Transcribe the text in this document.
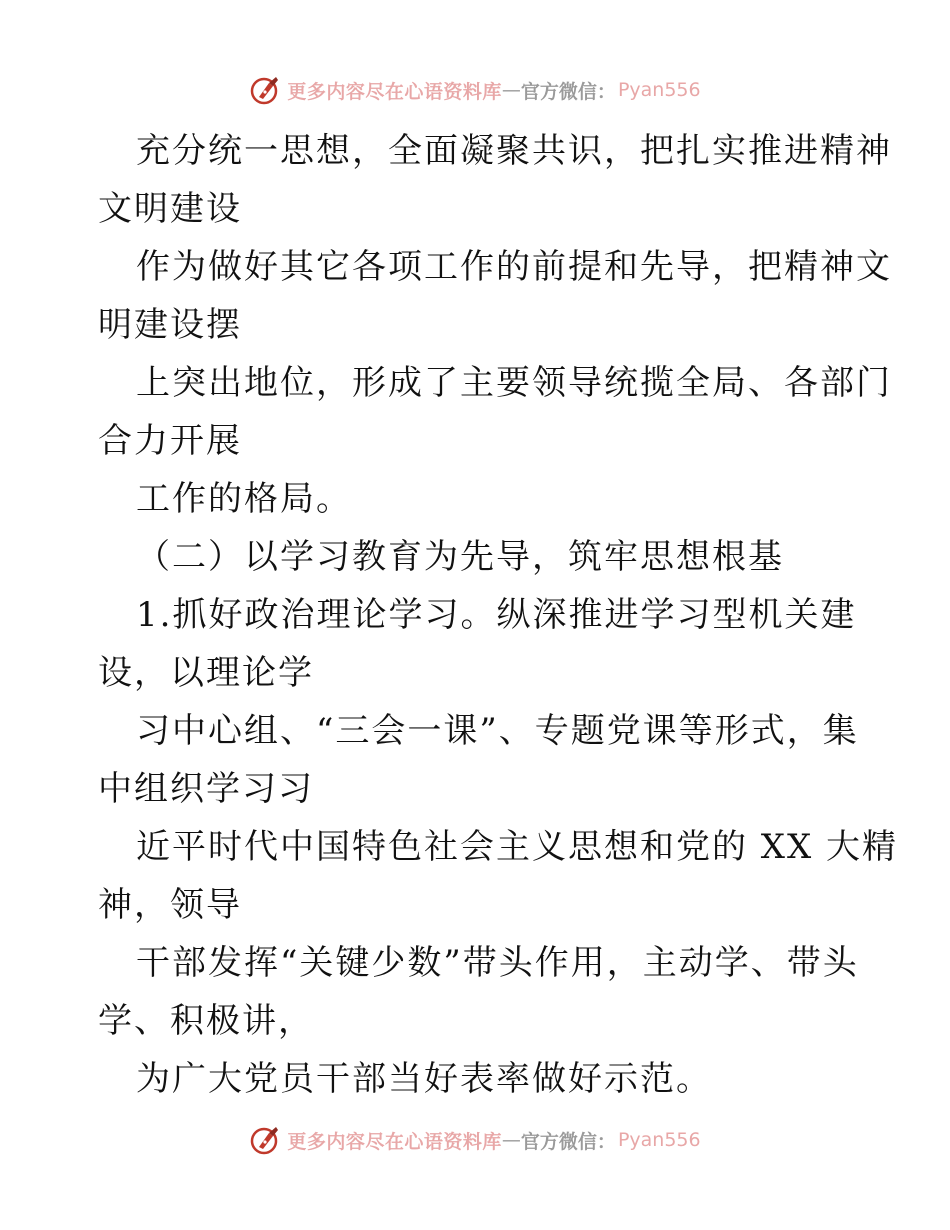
更多内容尽在心语资料库 — 官方微信： Pyan556
充分统一思想，全面凝聚共识，把扎实推进精神
文明建设
作为做好其它各项工作的前提和先导，把精神文
明建设摆
上突出地位，形成了主要领导统揽全局、各部门
合力开展
工作的格局。
（二）以学习教育为先导，筑牢思想根基
1.抓好政治理论学习。纵深推进学习型机关建
设，以理论学
习中心组、“三会一课”、专题党课等形式，集
中组织学习习
近平时代中国特色社会主义思想和党的 XX 大精
神，领导
干部发挥“关键少数”带头作用，主动学、带头
学、积极讲，
为广大党员干部当好表率做好示范。
更多内容尽在心语资料库 — 官方微信： Pyan556
